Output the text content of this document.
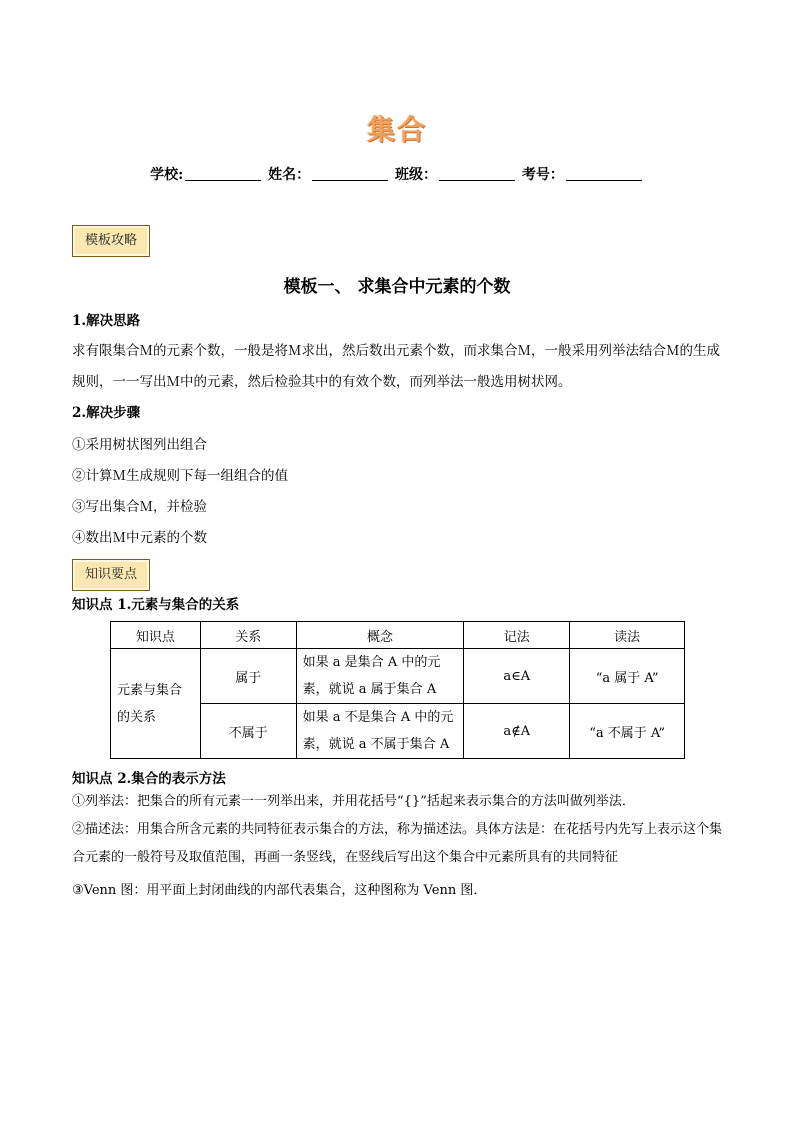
集合
学校:	姓名：	班级：	考号：
模板攻略
模板一、 求集合中元素的个数
1.解决思路
求有限集合Ｍ的元素个数，一般是将Ｍ求出，然后数出元素个数，而求集合Ｍ，一般采用列举法结合Ｍ的生成规则，一一写出Ｍ中的元素，然后检验其中的有效个数，而列举法一般选用树状网。
2.解决步骤
①采用树状图列出组合
②计算Ｍ生成规则下每一组组合的值
③写出集合Ｍ，并检验
④数出Ｍ中元素的个数
知识要点
知识点 1.元素与集合的关系
知识点	关系	概念	记法	读法
元素与集合的关系	属于	如果 a 是集合 A 中的元素，就说 a 属于集合 A	a∈A	“a 属于 A”
	不属于	如果 a 不是集合 A 中的元素，就说 a 不属于集合 A	a∉A	“a 不属于 A”
知识点 2.集合的表示方法
①列举法：把集合的所有元素一一列举出来，并用花括号“{}”括起来表示集合的方法叫做列举法．
②描述法：用集合所含元素的共同特征表示集合的方法，称为描述法。具体方法是：在花括号内先写上表示这个集合元素的一般符号及取值范围，再画一条竖线，在竖线后写出这个集合中元素所具有的共同特征
③Venn 图：用平面上封闭曲线的内部代表集合，这种图称为 Venn 图．
